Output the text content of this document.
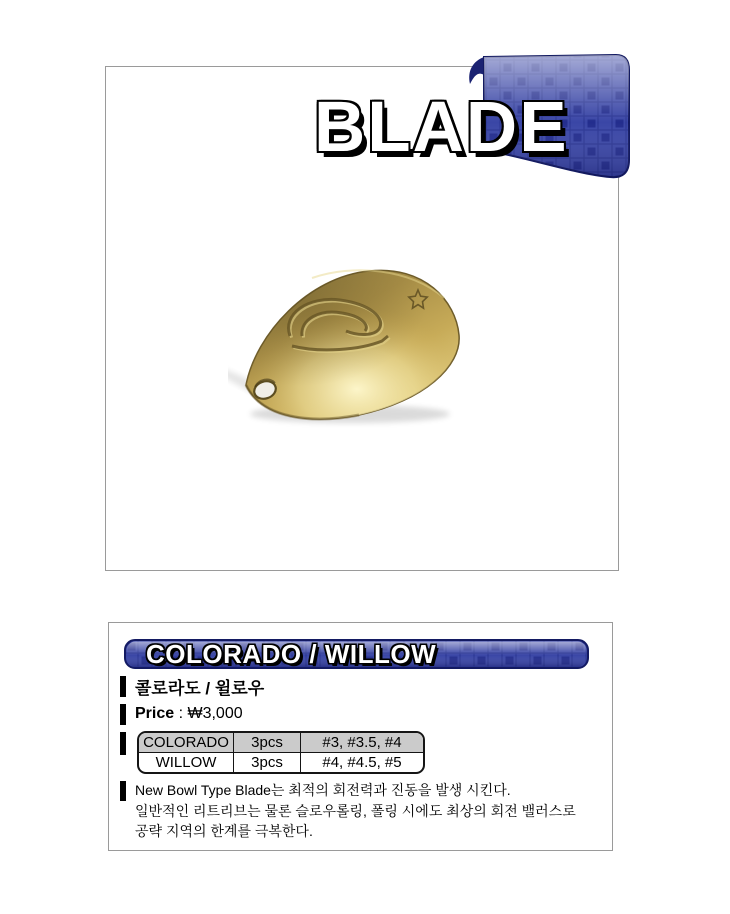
BLADE
COLORADO / WILLOW
콜로라도 / 윌로우
Price : ₩3,000
COLORADO	3pcs	#3, #3.5, #4
WILLOW	3pcs	#4, #4.5, #5
New Bowl Type Blade는 최적의 회전력과 진동을 발생 시킨다.
일반적인 리트리브는 물론 슬로우롤링, 폴링 시에도 최상의 회전 밸러스로
공략 지역의 한계를 극복한다.
